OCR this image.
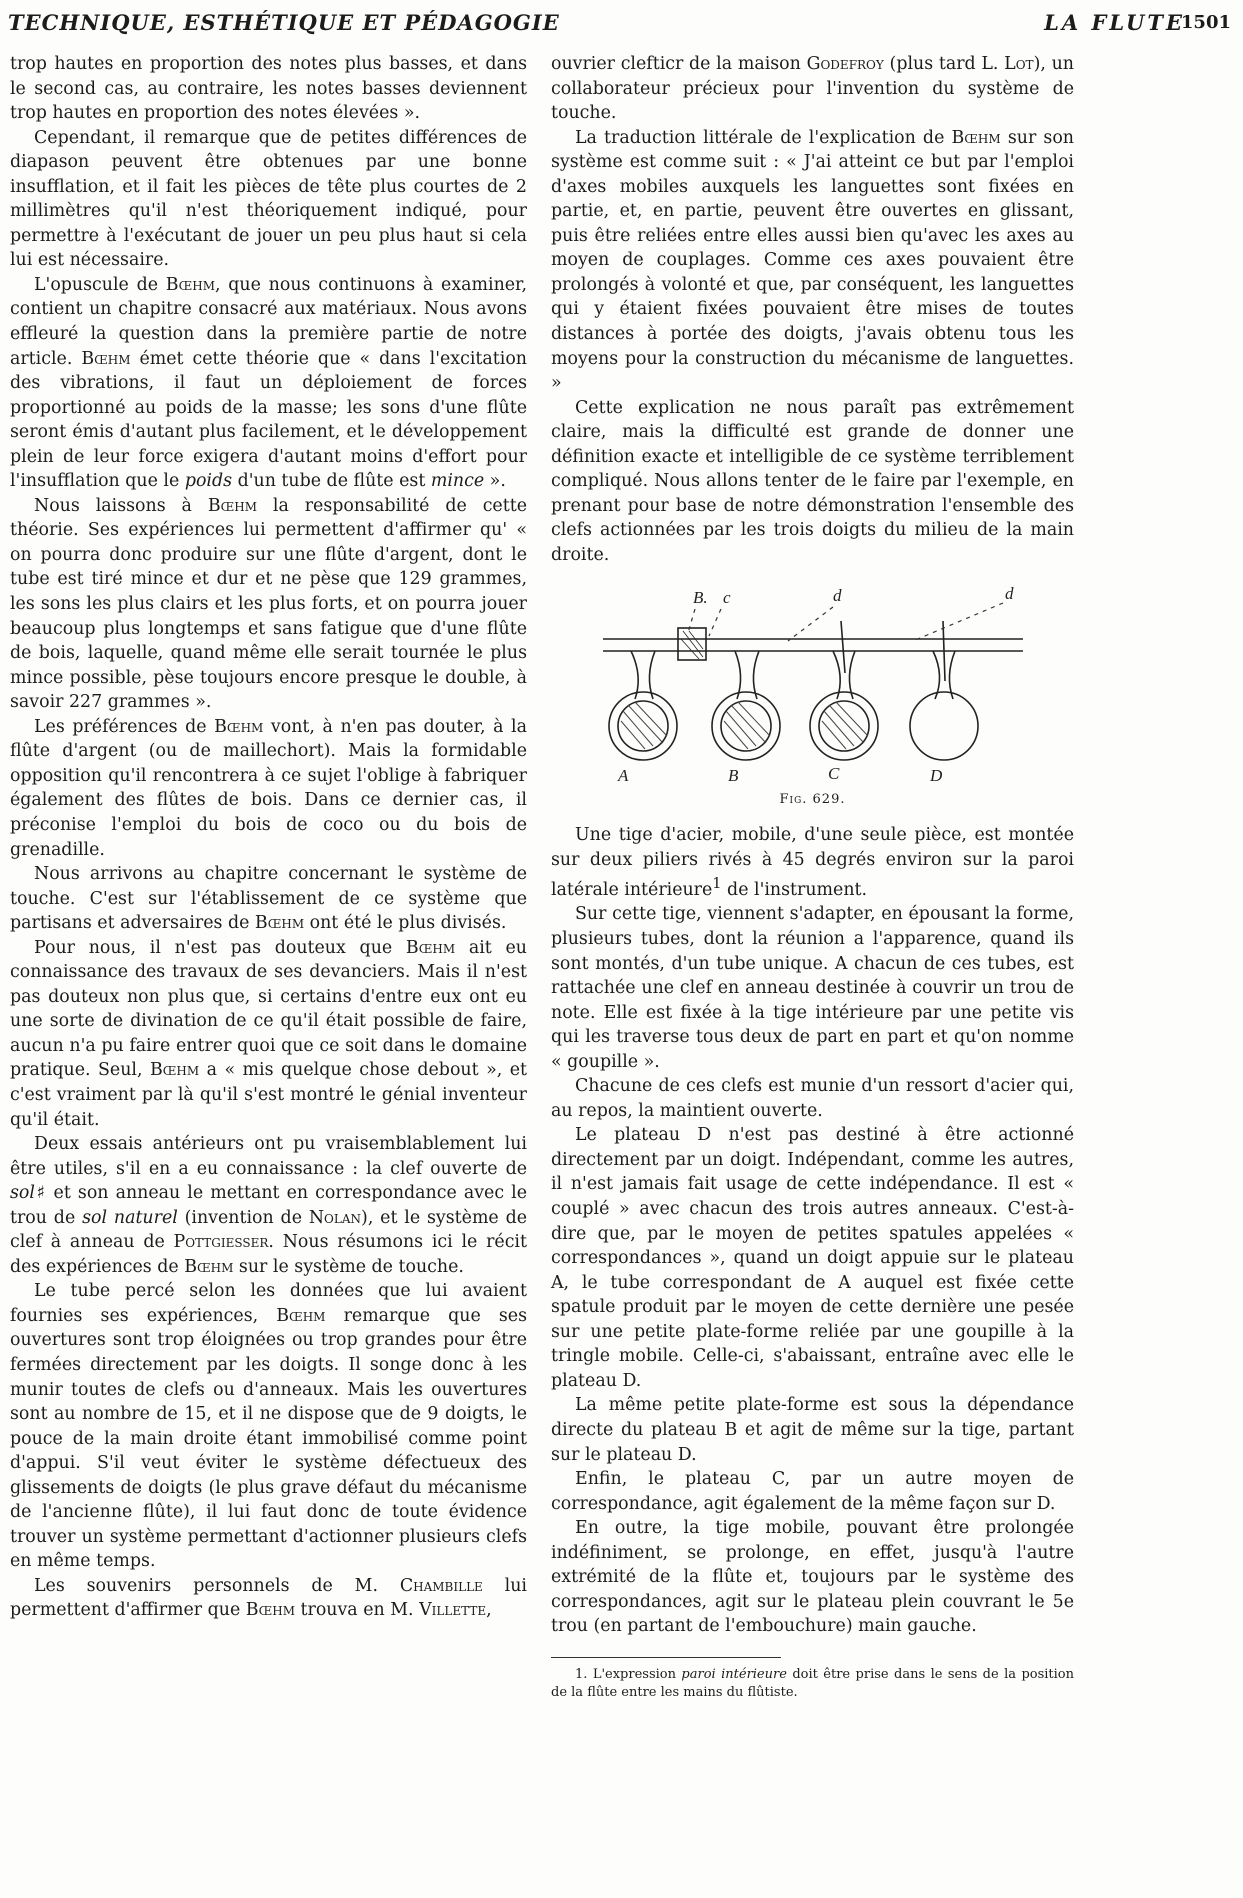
TECHNIQUE, ESTHÉTIQUE ET PÉDAGOGIE	LA FLUTE
1501

trop hautes en proportion des notes plus basses, et dans le second cas, au contraire, les notes basses deviennent trop hautes en proportion des notes élevées ».

Cependant, il remarque que de petites différences de diapason peuvent être obtenues par une bonne insufflation, et il fait les pièces de tête plus courtes de 2 millimètres qu'il n'est théoriquement indiqué, pour permettre à l'exécutant de jouer un peu plus haut si cela lui est nécessaire.

L'opuscule de Bœhm, que nous continuons à examiner, contient un chapitre consacré aux matériaux. Nous avons effleuré la question dans la première partie de notre article. Bœhm émet cette théorie que « dans l'excitation des vibrations, il faut un déploiement de forces proportionné au poids de la masse; les sons d'une flûte seront émis d'autant plus facilement, et le développement plein de leur force exigera d'autant moins d'effort pour l'insufflation que le poids d'un tube de flûte est mince ».

Nous laissons à Bœhm la responsabilité de cette théorie. Ses expériences lui permettent d'affirmer qu' « on pourra donc produire sur une flûte d'argent, dont le tube est tiré mince et dur et ne pèse que 129 grammes, les sons les plus clairs et les plus forts, et on pourra jouer beaucoup plus longtemps et sans fatigue que d'une flûte de bois, laquelle, quand même elle serait tournée le plus mince possible, pèse toujours encore presque le double, à savoir 227 grammes ».

Les préférences de Bœhm vont, à n'en pas douter, à la flûte d'argent (ou de maillechort). Mais la formidable opposition qu'il rencontrera à ce sujet l'oblige à fabriquer également des flûtes de bois. Dans ce dernier cas, il préconise l'emploi du bois de coco ou du bois de grenadille.

Nous arrivons au chapitre concernant le système de touche. C'est sur l'établissement de ce système que partisans et adversaires de Bœhm ont été le plus divisés.

Pour nous, il n'est pas douteux que Bœhm ait eu connaissance des travaux de ses devanciers. Mais il n'est pas douteux non plus que, si certains d'entre eux ont eu une sorte de divination de ce qu'il était possible de faire, aucun n'a pu faire entrer quoi que ce soit dans le domaine pratique. Seul, Bœhm a « mis quelque chose debout », et c'est vraiment par là qu'il s'est montré le génial inventeur qu'il était.

Deux essais antérieurs ont pu vraisemblablement lui être utiles, s'il en a eu connaissance : la clef ouverte de sol♯ et son anneau le mettant en correspondance avec le trou de sol naturel (invention de Nolan), et le système de clef à anneau de Pottgiesser. Nous résumons ici le récit des expériences de Bœhm sur le système de touche.

Le tube percé selon les données que lui avaient fournies ses expériences, Bœhm remarque que ses ouvertures sont trop éloignées ou trop grandes pour être fermées directement par les doigts. Il songe donc à les munir toutes de clefs ou d'anneaux. Mais les ouvertures sont au nombre de 15, et il ne dispose que de 9 doigts, le pouce de la main droite étant immobilisé comme point d'appui. S'il veut éviter le système défectueux des glissements de doigts (le plus grave défaut du mécanisme de l'ancienne flûte), il lui faut donc de toute évidence trouver un système permettant d'actionner plusieurs clefs en même temps.

Les souvenirs personnels de M. Chambille lui permettent d'affirmer que Bœhm trouva en M. Villette,

ouvrier clefticr de la maison Godefroy (plus tard L. Lot), un collaborateur précieux pour l'invention du système de touche.

La traduction littérale de l'explication de Bœhm sur son système est comme suit : « J'ai atteint ce but par l'emploi d'axes mobiles auxquels les languettes sont fixées en partie, et, en partie, peuvent être ouvertes en glissant, puis être reliées entre elles aussi bien qu'avec les axes au moyen de couplages. Comme ces axes pouvaient être prolongés à volonté et que, par conséquent, les languettes qui y étaient fixées pouvaient être mises de toutes distances à portée des doigts, j'avais obtenu tous les moyens pour la construction du mécanisme de languettes. »

Cette explication ne nous paraît pas extrêmement claire, mais la difficulté est grande de donner une définition exacte et intelligible de ce système terriblement compliqué. Nous allons tenter de le faire par l'exemple, en prenant pour base de notre démonstration l'ensemble des clefs actionnées par les trois doigts du milieu de la main droite.

B. c	d	d
A	B	C	D
Fig. 629.

Une tige d'acier, mobile, d'une seule pièce, est montée sur deux piliers rivés à 45 degrés environ sur la paroi latérale intérieure$^1$ de l'instrument.

Sur cette tige, viennent s'adapter, en épousant la forme, plusieurs tubes, dont la réunion a l'apparence, quand ils sont montés, d'un tube unique. A chacun de ces tubes, est rattachée une clef en anneau destinée à couvrir un trou de note. Elle est fixée à la tige intérieure par une petite vis qui les traverse tous deux de part en part et qu'on nomme « goupille ».

Chacune de ces clefs est munie d'un ressort d'acier qui, au repos, la maintient ouverte.

Le plateau D n'est pas destiné à être actionné directement par un doigt. Indépendant, comme les autres, il n'est jamais fait usage de cette indépendance. Il est « couplé » avec chacun des trois autres anneaux. C'est-à-dire que, par le moyen de petites spatules appelées « correspondances », quand un doigt appuie sur le plateau A, le tube correspondant de A auquel est fixée cette spatule produit par le moyen de cette dernière une pesée sur une petite plate-forme reliée par une goupille à la tringle mobile. Celle-ci, s'abaissant, entraîne avec elle le plateau D.

La même petite plate-forme est sous la dépendance directe du plateau B et agit de même sur la tige, partant sur le plateau D.

Enfin, le plateau C, par un autre moyen de correspondance, agit également de la même façon sur D.

En outre, la tige mobile, pouvant être prolongée indéfiniment, se prolonge, en effet, jusqu'à l'autre extrémité de la flûte et, toujours par le système des correspondances, agit sur le plateau plein couvrant le 5e trou (en partant de l'embouchure) main gauche.

1. L'expression paroi intérieure doit être prise dans le sens de la position de la flûte entre les mains du flûtiste.
